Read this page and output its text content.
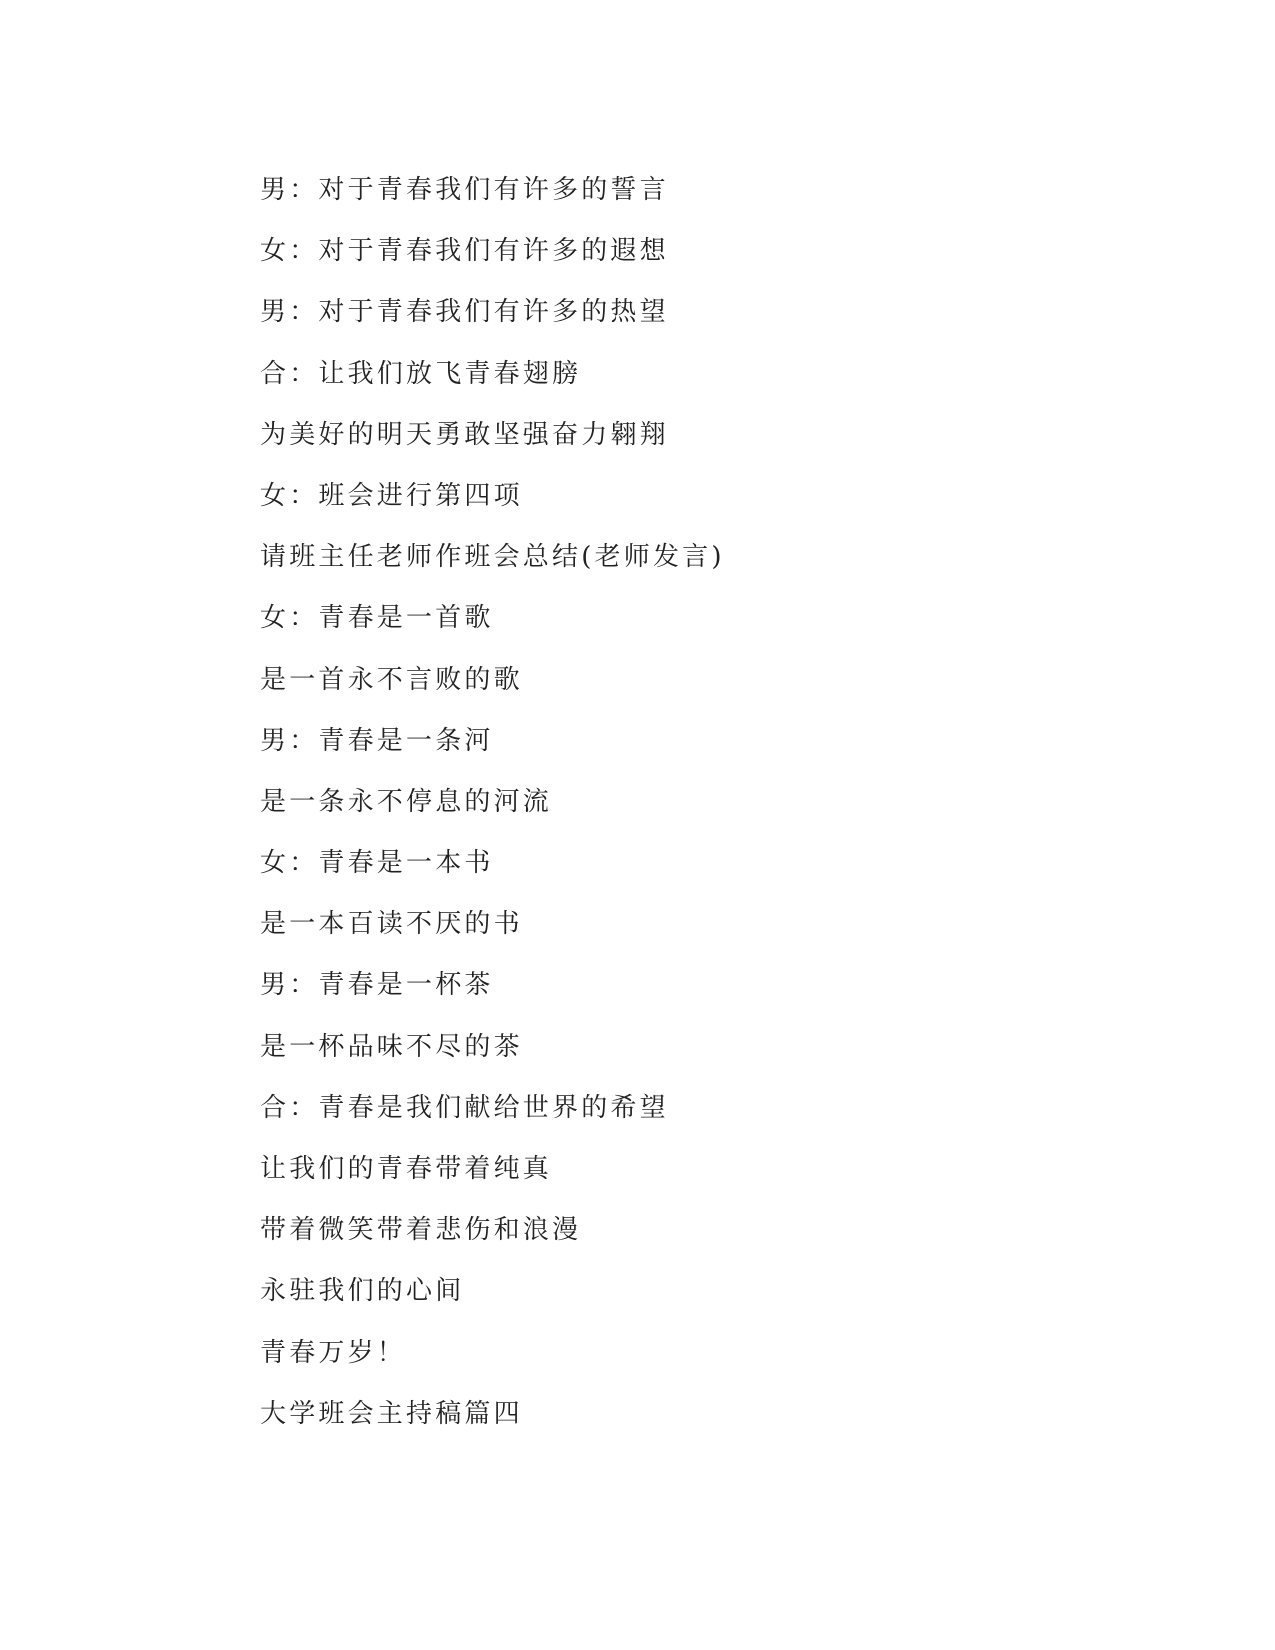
男：对于青春我们有许多的誓言
女：对于青春我们有许多的遐想
男：对于青春我们有许多的热望
合：让我们放飞青春翅膀
为美好的明天勇敢坚强奋力翱翔
女：班会进行第四项
请班主任老师作班会总结(老师发言)
女：青春是一首歌
是一首永不言败的歌
男：青春是一条河
是一条永不停息的河流
女：青春是一本书
是一本百读不厌的书
男：青春是一杯茶
是一杯品味不尽的茶
合：青春是我们献给世界的希望
让我们的青春带着纯真
带着微笑带着悲伤和浪漫
永驻我们的心间
青春万岁！
大学班会主持稿篇四
